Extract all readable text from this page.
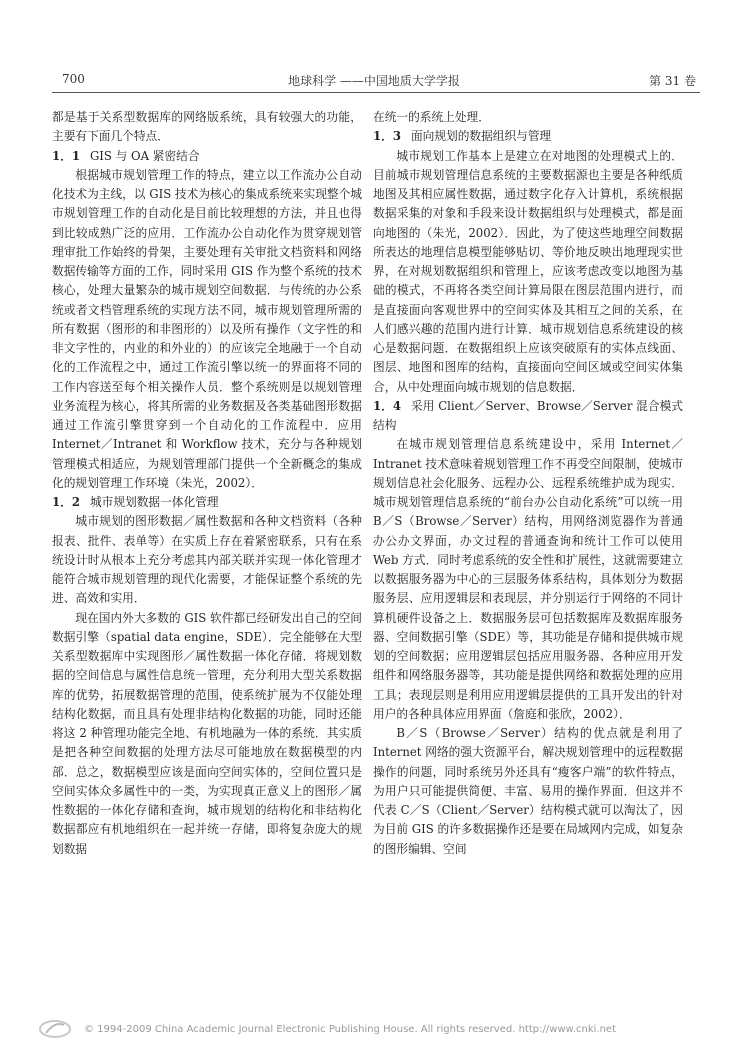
700	地球科学 ——中国地质大学学报	第 31 卷

都是基于关系型数据库的网络版系统，具有较强大的功能，主要有下面几个特点．

1．1 GIS 与 OA 紧密结合

根据城市规划管理工作的特点，建立以工作流办公自动化技术为主线，以 GIS 技术为核心的集成系统来实现整个城市规划管理工作的自动化是目前比较理想的方法，并且也得到比较成熟广泛的应用．工作流办公自动化作为贯穿规划管理审批工作始终的骨架，主要处理有关审批文档资料和网络数据传输等方面的工作，同时采用 GIS 作为整个系统的技术核心，处理大量繁杂的城市规划空间数据．与传统的办公系统或者文档管理系统的实现方法不同，城市规划管理所需的所有数据（图形的和非图形的）以及所有操作（文字性的和非文字性的，内业的和外业的）的应该完全地融于一个自动化的工作流程之中，通过工作流引擎以统一的界面将不同的工作内容送至每个相关操作人员．整个系统则是以规划管理业务流程为核心，将其所需的业务数据及各类基础图形数据通过工作流引擎贯穿到一个自动化的工作流程中．应用 Internet／Intranet 和 Workflow 技术，充分与各种规划管理模式相适应，为规划管理部门提供一个全新概念的集成化的规划管理工作环境（朱光，2002）．

1．2 城市规划数据一体化管理

城市规划的图形数据／属性数据和各种文档资料（各种报表、批件、表单等）在实质上存在着紧密联系，只有在系统设计时从根本上充分考虑其内部关联并实现一体化管理才能符合城市规划管理的现代化需要，才能保证整个系统的先进、高效和实用．

现在国内外大多数的 GIS 软件都已经研发出自己的空间数据引擎（spatial data engine，SDE）．完全能够在大型关系型数据库中实现图形／属性数据一体化存储．将规划数据的空间信息与属性信息统一管理，充分利用大型关系数据库的优势，拓展数据管理的范围，使系统扩展为不仅能处理结构化数据，而且具有处理非结构化数据的功能，同时还能将这 2 种管理功能完全地、有机地融为一体的系统．其实质是把各种空间数据的处理方法尽可能地放在数据模型的内部．总之，数据模型应该是面向空间实体的，空间位置只是空间实体众多属性中的一类，为实现真正意义上的图形／属性数据的一体化存储和查询，城市规划的结构化和非结构化数据都应有机地组织在一起并统一存储，即将复杂庞大的规划数据

在统一的系统上处理．

1．3 面向规划的数据组织与管理

城市规划工作基本上是建立在对地图的处理模式上的．目前城市规划管理信息系统的主要数据源也主要是各种纸质地图及其相应属性数据，通过数字化存入计算机，系统根据数据采集的对象和手段来设计数据组织与处理模式，都是面向地图的（朱光，2002）．因此，为了使这些地理空间数据所表达的地理信息模型能够贴切、等价地反映出地理现实世界，在对规划数据组织和管理上，应该考虑改变以地图为基础的模式，不再将各类空间计算局限在图层范围内进行，而是直接面向客观世界中的空间实体及其相互之间的关系，在人们感兴趣的范围内进行计算．城市规划信息系统建设的核心是数据问题．在数据组织上应该突破原有的实体点线面、图层、地图和图库的结构，直接面向空间区域或空间实体集合，从中处理面向城市规划的信息数据．

1．4 采用 Client／Server、Browse／Server 混合模式结构

在城市规划管理信息系统建设中，采用 Internet／Intranet 技术意味着规划管理工作不再受空间限制，使城市规划信息社会化服务、远程办公、远程系统维护成为现实．城市规划管理信息系统的“前台办公自动化系统”可以统一用 B／S（Browse／Server）结构，用网络浏览器作为普通办公办文界面，办文过程的普通查询和统计工作可以使用 Web 方式．同时考虑系统的安全性和扩展性，这就需要建立以数据服务器为中心的三层服务体系结构，具体划分为数据服务层、应用逻辑层和表现层，并分别运行于网络的不同计算机硬件设备之上．数据服务层可包括数据库及数据库服务器、空间数据引擎（SDE）等，其功能是存储和提供城市规划的空间数据；应用逻辑层包括应用服务器、各种应用开发组件和网络服务器等，其功能是提供网络和数据处理的应用工具；表现层则是利用应用逻辑层提供的工具开发出的针对用户的各种具体应用界面（詹庭和张欣，2002）．

B／S（Browse／Server）结构的优点就是利用了 Internet 网络的强大资源平台，解决规划管理中的远程数据操作的问题，同时系统另外还具有“瘦客户端”的软件特点，为用户只可能提供简便、丰富、易用的操作界面．但这并不代表 C／S（Client／Server）结构模式就可以淘汰了，因为目前 GIS 的许多数据操作还是要在局域网内完成，如复杂的图形编辑、空间

© 1994-2009 China Academic Journal Electronic Publishing House. All rights reserved. http://www.cnki.net
